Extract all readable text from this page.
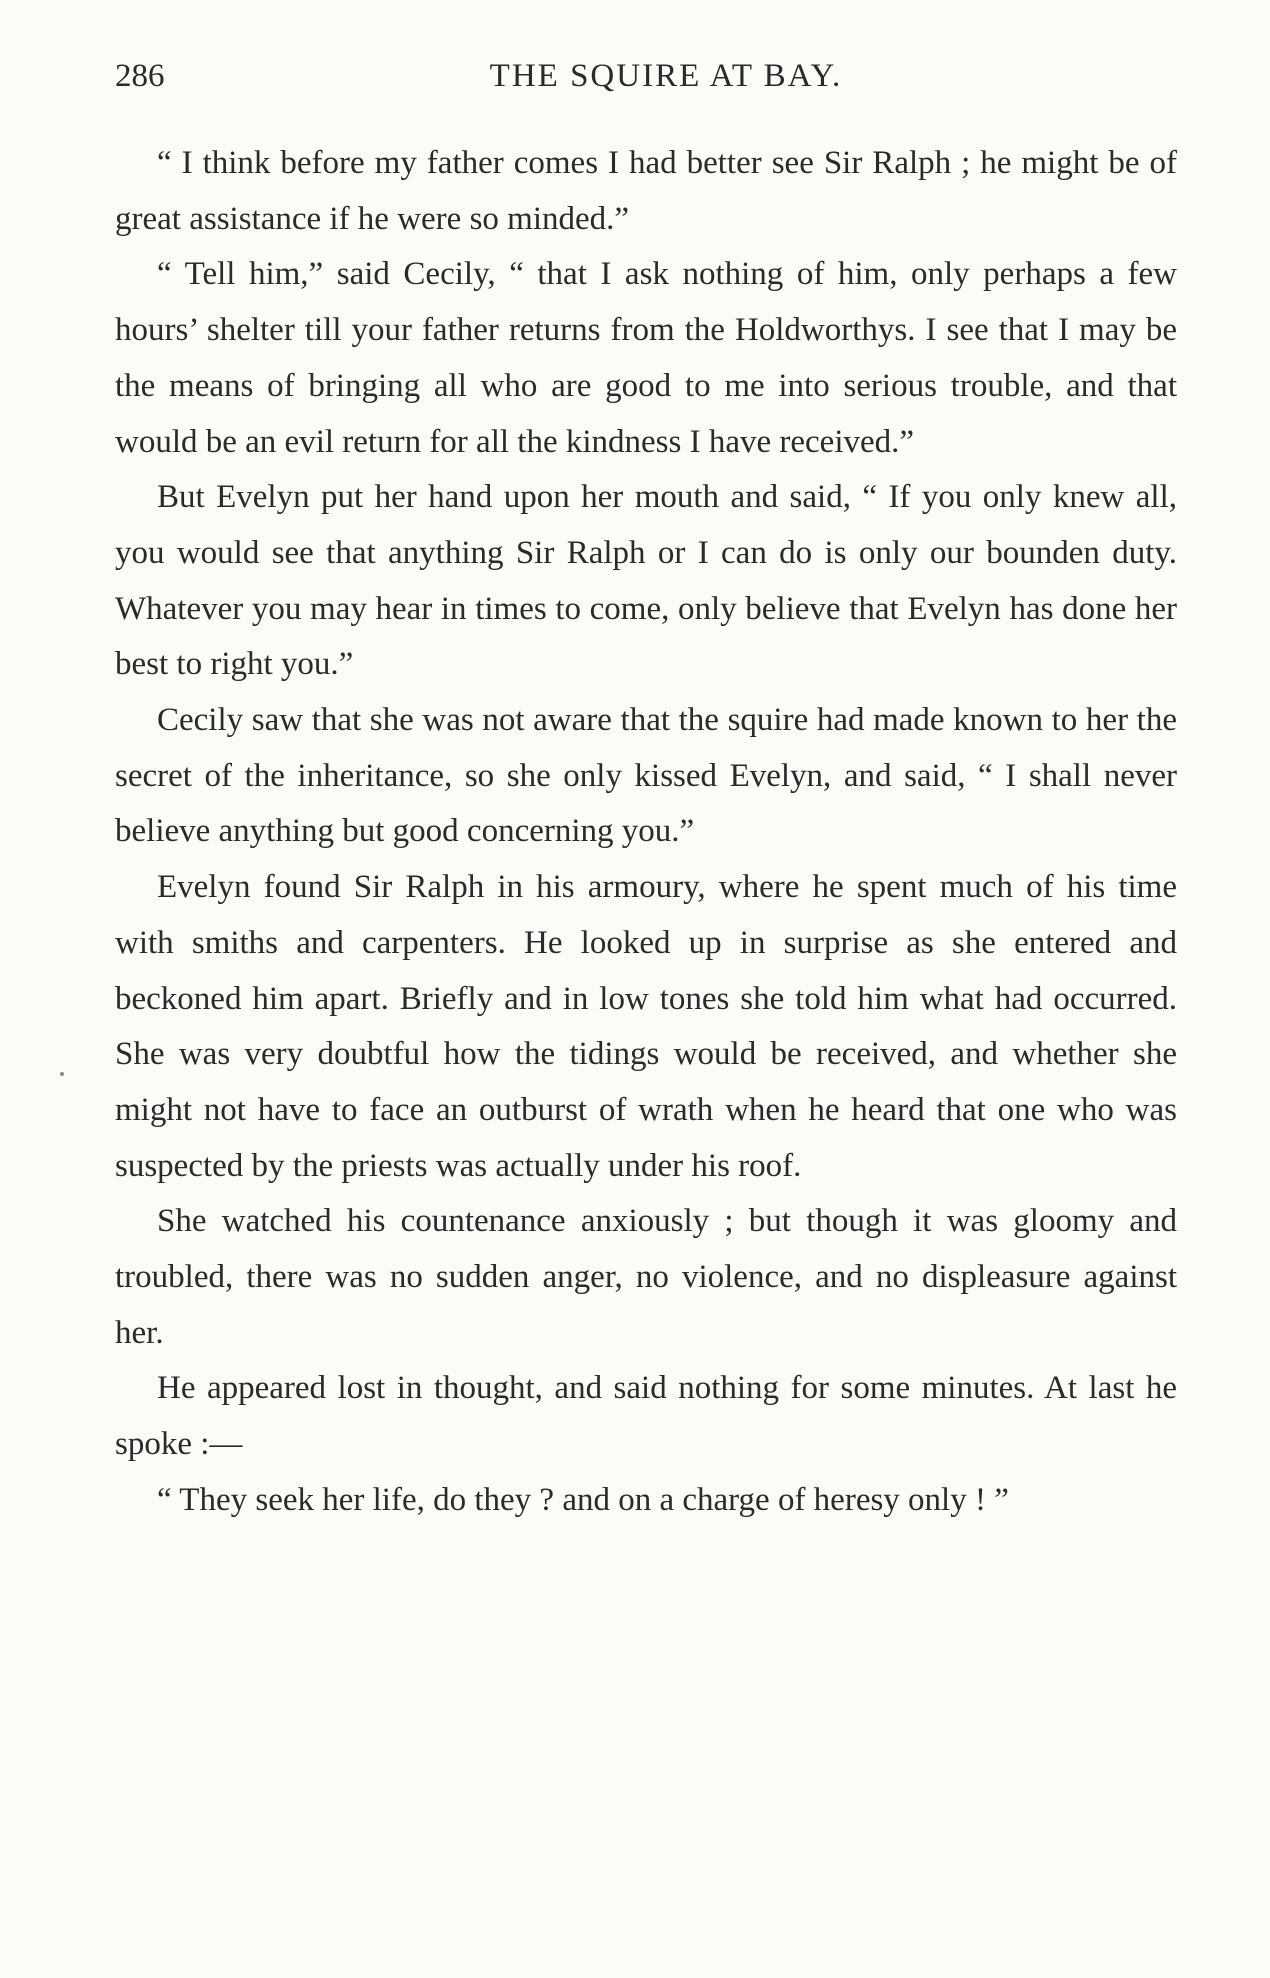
286	THE SQUIRE AT BAY.

“ I think before my father comes I had better see Sir Ralph ; he might be of great assistance if he were so minded.”

“ Tell him,” said Cecily, “ that I ask nothing of him, only perhaps a few hours’ shelter till your father returns from the Holdworthys. I see that I may be the means of bringing all who are good to me into serious trouble, and that would be an evil return for all the kindness I have received.”

But Evelyn put her hand upon her mouth and said, “ If you only knew all, you would see that anything Sir Ralph or I can do is only our bounden duty. Whatever you may hear in times to come, only believe that Evelyn has done her best to right you.”

Cecily saw that she was not aware that the squire had made known to her the secret of the inheritance, so she only kissed Evelyn, and said, “ I shall never believe anything but good concerning you.”

Evelyn found Sir Ralph in his armoury, where he spent much of his time with smiths and carpenters. He looked up in surprise as she entered and beckoned him apart. Briefly and in low tones she told him what had occurred. She was very doubtful how the tidings would be received, and whether she might not have to face an outburst of wrath when he heard that one who was suspected by the priests was actually under his roof.

She watched his countenance anxiously ; but though it was gloomy and troubled, there was no sudden anger, no violence, and no displeasure against her.

He appeared lost in thought, and said nothing for some minutes. At last he spoke :—

“ They seek her life, do they ? and on a charge of heresy only ! ”
